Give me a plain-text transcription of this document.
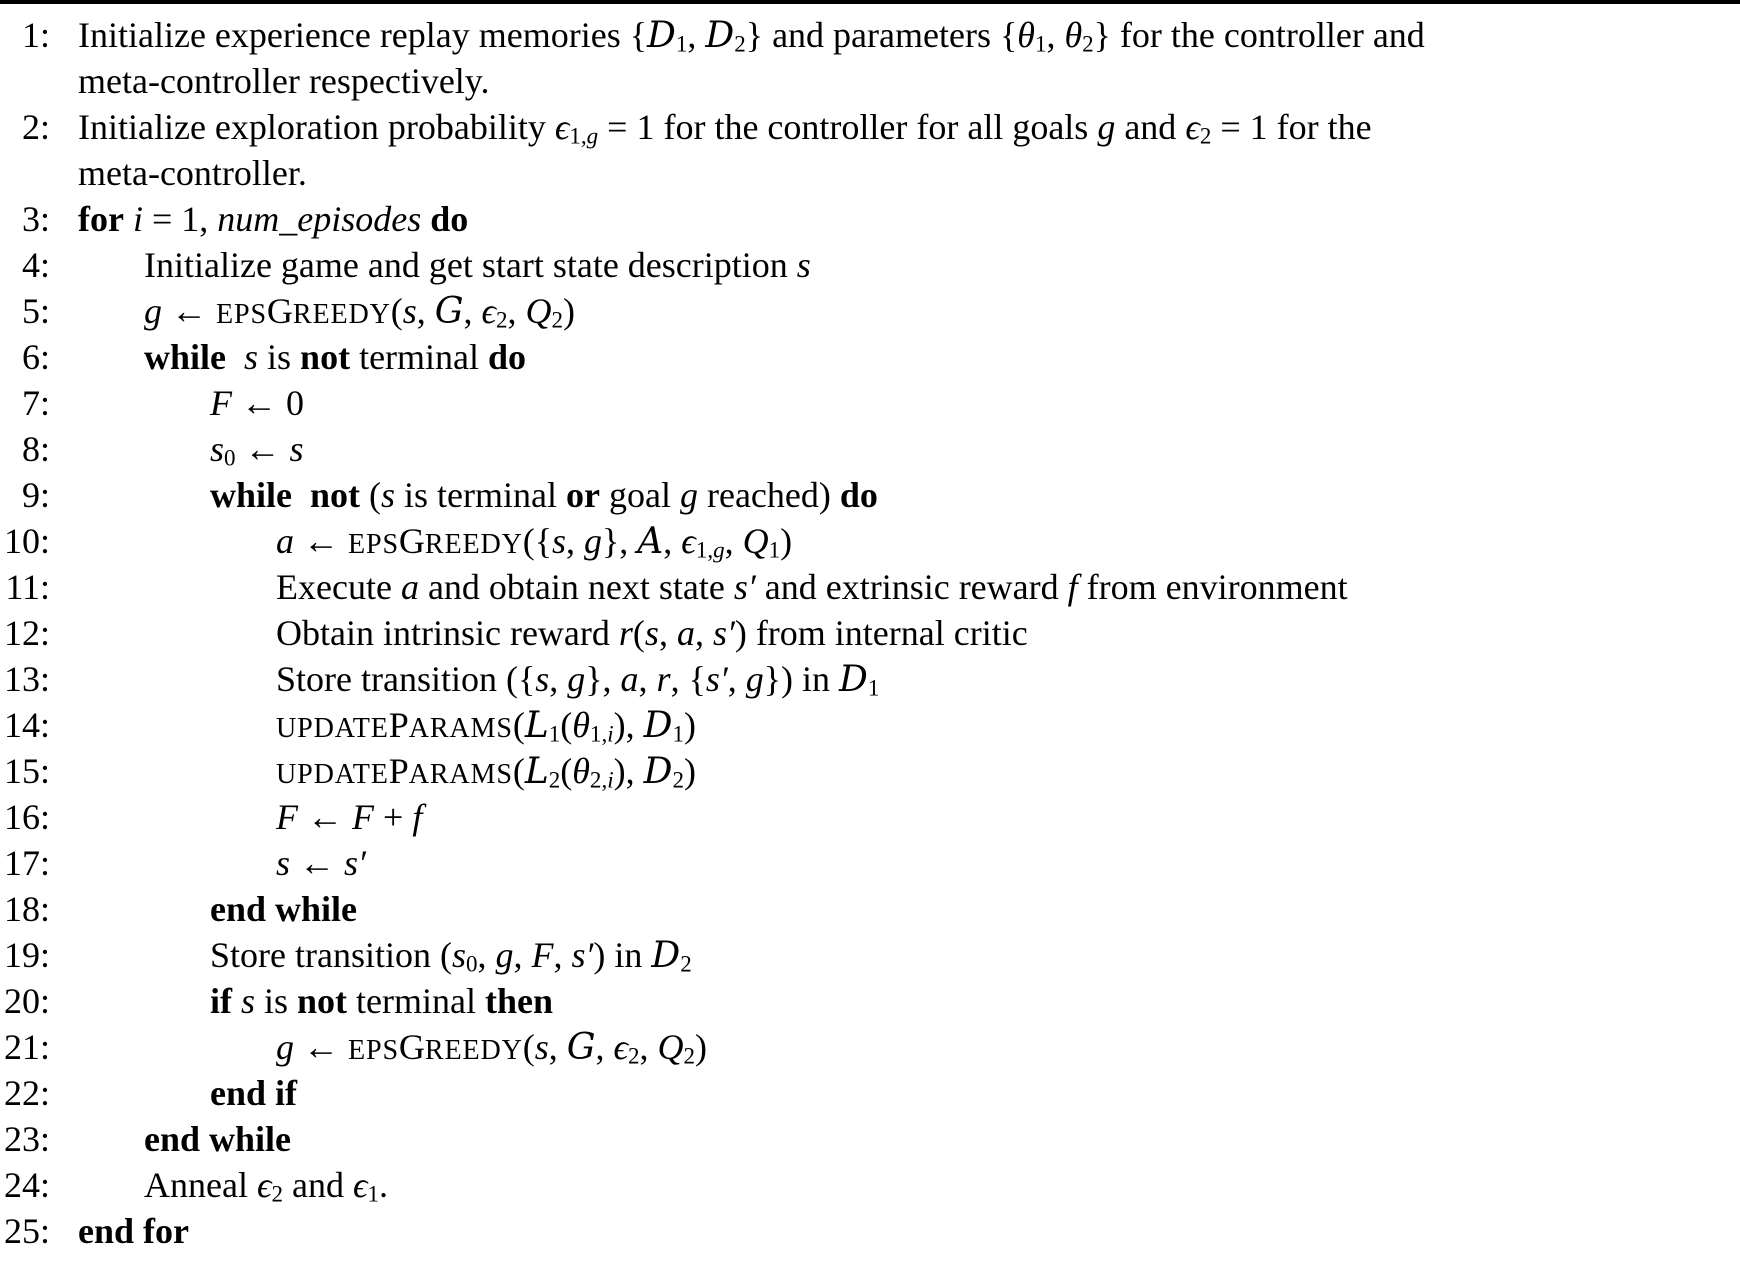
1: Initialize experience replay memories {$D_1$, $D_2$} and parameters {$\theta_1$, $\theta_2$} for the controller and
meta-controller respectively.
2: Initialize exploration probability $\epsilon_{1,}g = 1$ for the controller for all goals g and $\epsilon_2 = 1$ for the
meta-controller.
3: for i = 1, num_episodes do
4:	Initialize game and get start state description s
5:	g ← EPSGREEDY(s, G, $\epsilon_2$, $Q_2$)
6:	while s is not terminal do
7:	F ← 0
8:	$s_0$ ← s
9:	while not (s is terminal or goal g reached) do
10:	a ← EPSGREEDY({s, g}, A, $\epsilon_{1,}g$, $Q_1$)
11:	Execute a and obtain next state s′ and extrinsic reward f from environment
12:	Obtain intrinsic reward r(s, a, s′) from internal critic
13:	Store transition ({s, g}, a, r, {s′, g}) in $D_1$
14:	$UPDATEPARAMS(L_1(\theta_{1,}i)$, $D_1$)
15:	$UPDATEPARAMS(L_2(\theta_{2,}i)$, $D_2$)
16:	F ← F + f
17:	s ← s′
18:	end while
19:	Store transition ($s_0$, g, F, s′) in $D_2$
20:	if s is not terminal then
21:	g ← EPSGREEDY(s, G, $\epsilon_2$, $Q_2$)
22:	end if
23:	end while
24:	Anneal $\epsilon_2$ and $\epsilon_1$.
25: end for
